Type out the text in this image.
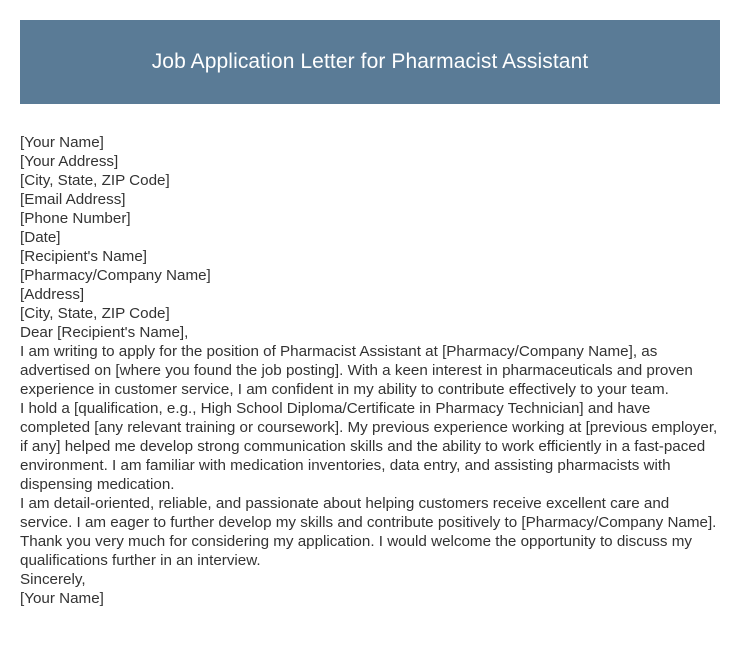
Job Application Letter for Pharmacist Assistant

[Your Name]

[Your Address]

[City, State, ZIP Code]

[Email Address]

[Phone Number]

[Date]

[Recipient's Name]

[Pharmacy/Company Name]

[Address]

[City, State, ZIP Code]

Dear [Recipient's Name],

I am writing to apply for the position of Pharmacist Assistant at [Pharmacy/Company Name], as advertised on [where you found the job posting]. With a keen interest in pharmaceuticals and proven experience in customer service, I am confident in my ability to contribute effectively to your team.

I hold a [qualification, e.g., High School Diploma/Certificate in Pharmacy Technician] and have completed [any relevant training or coursework]. My previous experience working at [previous employer, if any] helped me develop strong communication skills and the ability to work efficiently in a fast-paced environment. I am familiar with medication inventories, data entry, and assisting pharmacists with dispensing medication.

I am detail-oriented, reliable, and passionate about helping customers receive excellent care and service. I am eager to further develop my skills and contribute positively to [Pharmacy/Company Name].

Thank you very much for considering my application. I would welcome the opportunity to discuss my qualifications further in an interview.

Sincerely,

[Your Name]
